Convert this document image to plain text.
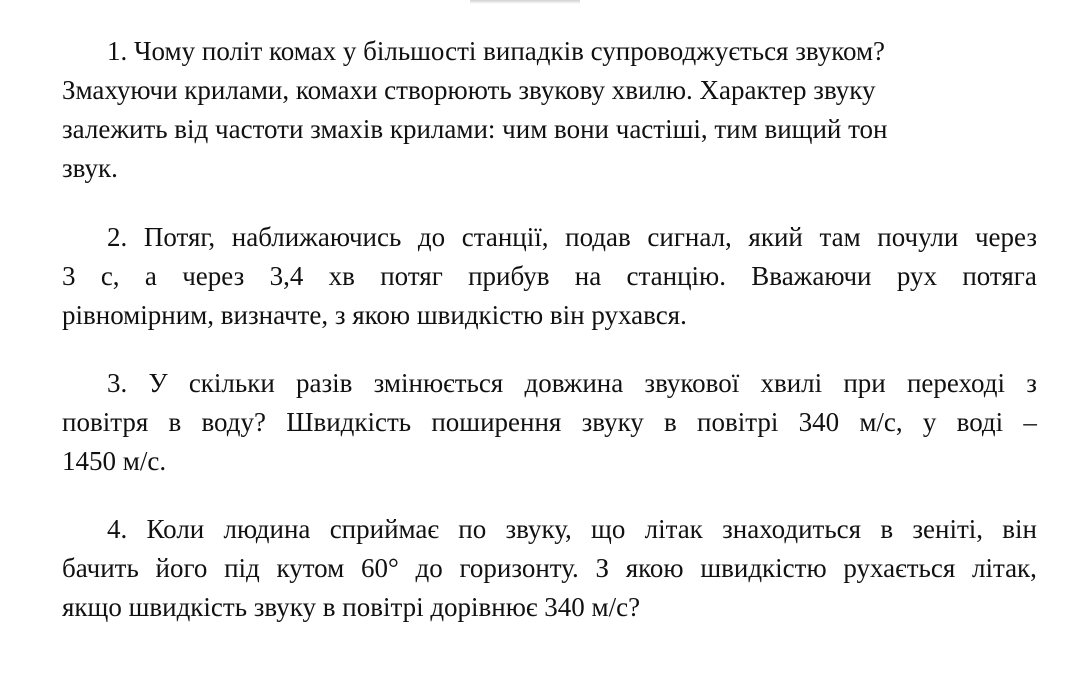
1. Чому політ комах у більшості випадків супроводжується звуком?
Змахуючи крилами, комахи створюють звукову хвилю. Характер звуку
залежить від частоти змахів крилами: чим вони частіші, тим вищий тон
звук.
2. Потяг, наближаючись до станції, подав сигнал, який там почули через
3 с, а через 3,4 хв потяг прибув на станцію. Вважаючи рух потяга
рівномірним, визначте, з якою швидкістю він рухався.
3. У скільки разів змінюється довжина звукової хвилі при переході з
повітря в воду? Швидкість поширення звуку в повітрі 340 м/с, у воді –
1450 м/с.
4. Коли людина сприймає по звуку, що літак знаходиться в зеніті, він
бачить його під кутом 60° до горизонту. З якою швидкістю рухається літак,
якщо швидкість звуку в повітрі дорівнює 340 м/с?
